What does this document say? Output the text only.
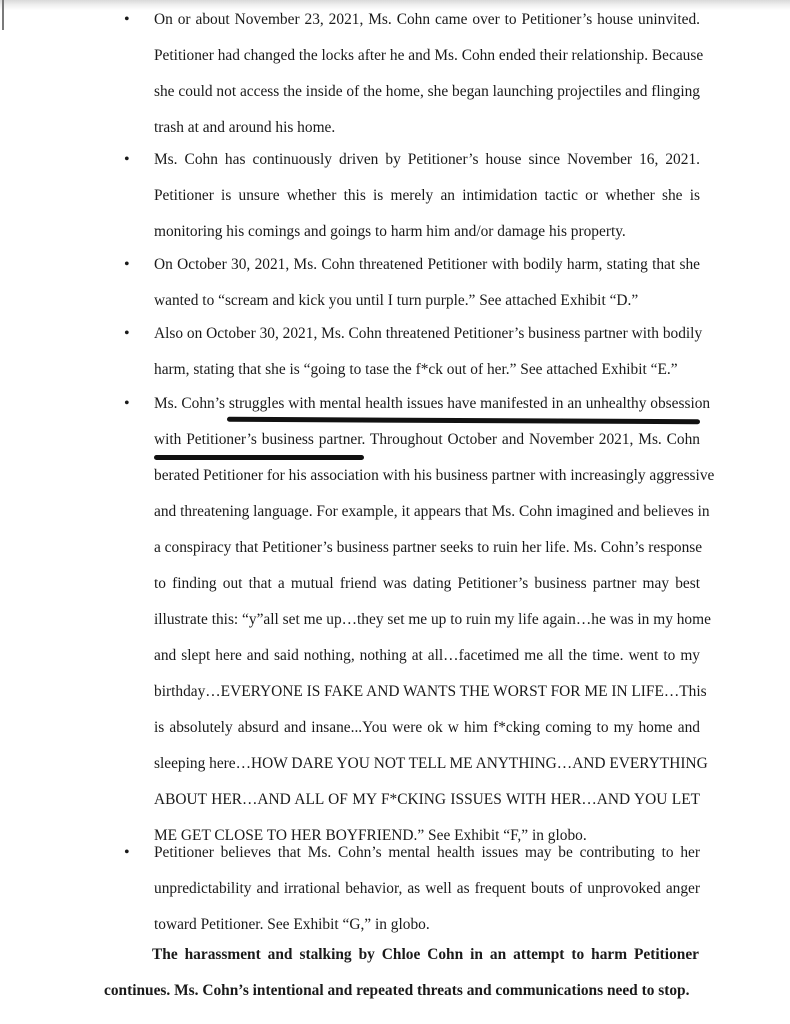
• On or about November 23, 2021, Ms. Cohn came over to Petitioner’s house uninvited.
Petitioner had changed the locks after he and Ms. Cohn ended their relationship. Because
she could not access the inside of the home, she began launching projectiles and flinging
trash at and around his home.
• Ms. Cohn has continuously driven by Petitioner’s house since November 16, 2021.
Petitioner is unsure whether this is merely an intimidation tactic or whether she is
monitoring his comings and goings to harm him and/or damage his property.
• On October 30, 2021, Ms. Cohn threatened Petitioner with bodily harm, stating that she
wanted to “scream and kick you until I turn purple.” See attached Exhibit “D.”
• Also on October 30, 2021, Ms. Cohn threatened Petitioner’s business partner with bodily
harm, stating that she is “going to tase the f*ck out of her.” See attached Exhibit “E.”
• Ms. Cohn’s struggles with mental health issues have manifested in an unhealthy obsession
with Petitioner’s business partner. Throughout October and November 2021, Ms. Cohn
berated Petitioner for his association with his business partner with increasingly aggressive
and threatening language. For example, it appears that Ms. Cohn imagined and believes in
a conspiracy that Petitioner’s business partner seeks to ruin her life. Ms. Cohn’s response
to finding out that a mutual friend was dating Petitioner’s business partner may best
illustrate this: “y”all set me up…they set me up to ruin my life again…he was in my home
and slept here and said nothing, nothing at all…facetimed me all the time. went to my
birthday…EVERYONE IS FAKE AND WANTS THE WORST FOR ME IN LIFE…This
is absolutely absurd and insane...You were ok w him f*cking coming to my home and
sleeping here…HOW DARE YOU NOT TELL ME ANYTHING…AND EVERYTHING
ABOUT HER…AND ALL OF MY F*CKING ISSUES WITH HER…AND YOU LET
ME GET CLOSE TO HER BOYFRIEND.” See Exhibit “F,” in globo.
• Petitioner believes that Ms. Cohn’s mental health issues may be contributing to her
unpredictability and irrational behavior, as well as frequent bouts of unprovoked anger
toward Petitioner. See Exhibit “G,” in globo.
The harassment and stalking by Chloe Cohn in an attempt to harm Petitioner
continues. Ms. Cohn’s intentional and repeated threats and communications need to stop.
